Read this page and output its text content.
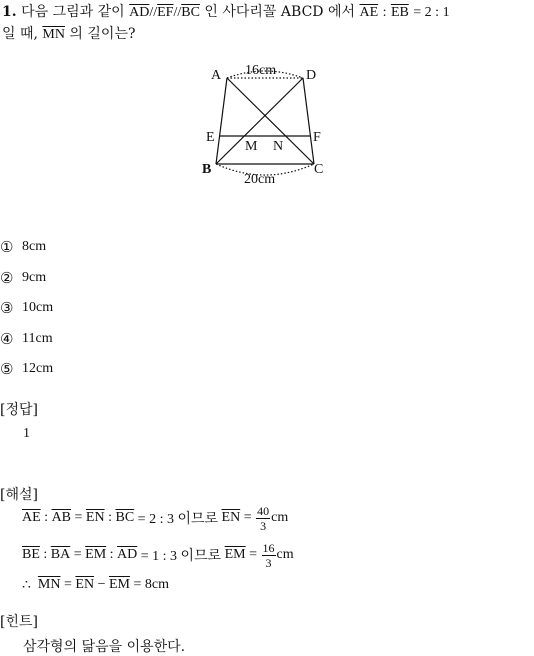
1. 다음 그림과 같이 $\overline{AD}//\overline{EF}//\overline{BC}$ 인 사다리꼴 ABCD 에서 $\overline{AE}$ : $\overline{EB} = 2$ : 1
일 때, $\overline{MN}$ 의 길이는?
A	D
E	F
M N
B	C
16cm
20cm
① 8cm
② 9cm
③ 10cm
④ 11cm
⑤ 12cm
[정답]
1
[해설]
$\overline{AE}$ : $\overline{AB} = \overline{EN}$ : $\overline{BC}$
= 2 : 3 이므로
$\overline{EN}$
=
$\frac{40}{3}$ cm
$\overline{BE}$ : $\overline{BA} = \overline{EM}$ : $\overline{AD}$
= 1 : 3 이므로
$\overline{EM}$
=
$\frac{16}{3}$ cm
∴
$\overline{MN} = \overline{EN} - \overline{EM}$
= 8cm
[힌트]
삼각형의 닮음을 이용한다.
